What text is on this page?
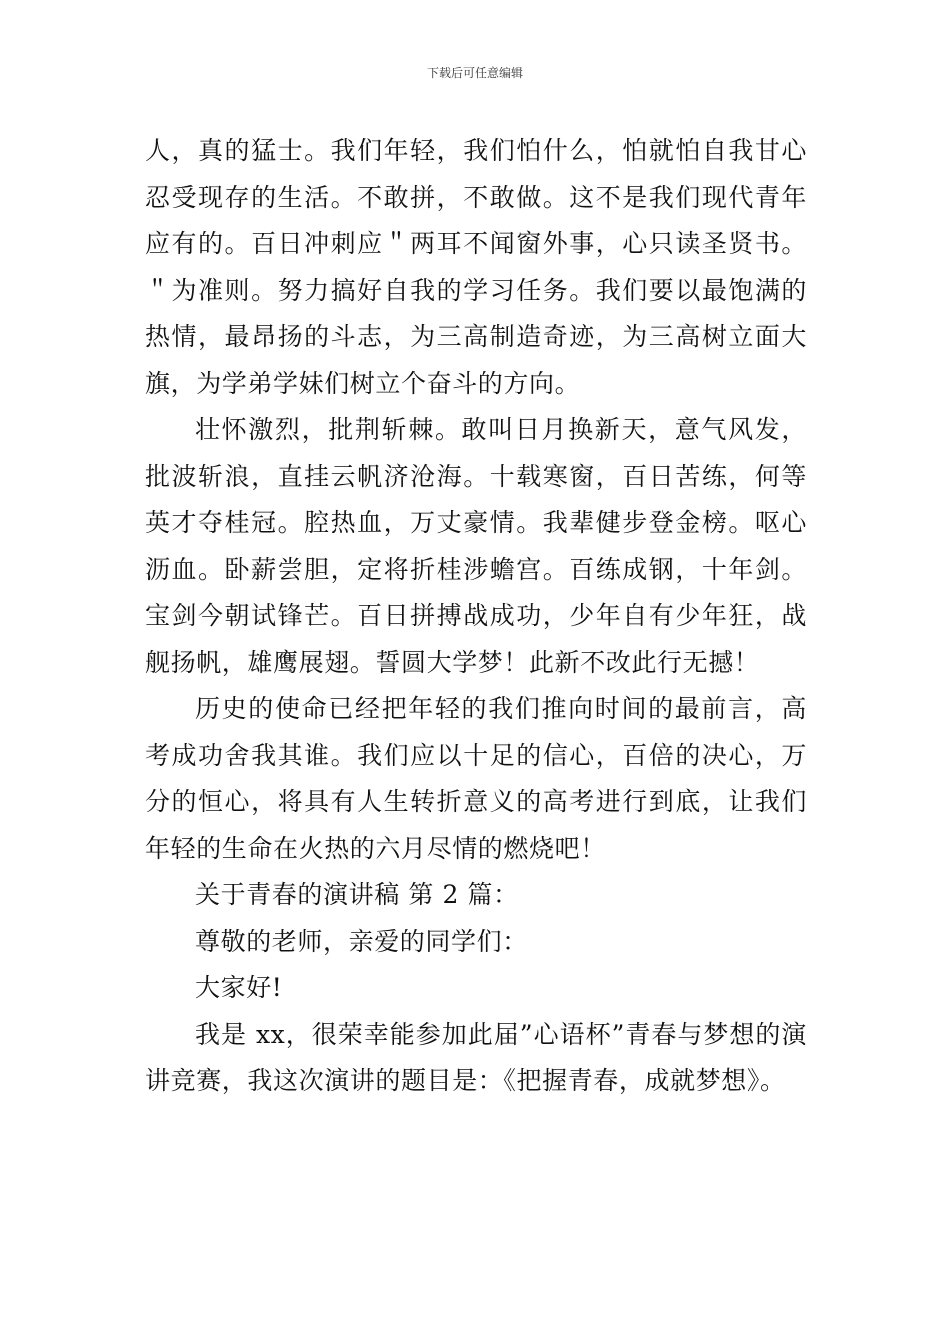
下载后可任意编辑

人，真的猛士。我们年轻，我们怕什么，怕就怕自我甘心忍受现存的生活。不敢拼，不敢做。这不是我们现代青年应有的。百日冲刺应＂两耳不闻窗外事，心只读圣贤书。＂为准则。努力搞好自我的学习任务。我们要以最饱满的热情，最昂扬的斗志，为三高制造奇迹，为三高树立面大旗，为学弟学妹们树立个奋斗的方向。

壮怀激烈，批荆斩棘。敢叫日月换新天，意气风发，批波斩浪，直挂云帆济沧海。十载寒窗，百日苦练，何等英才夺桂冠。腔热血，万丈豪情。我辈健步登金榜。呕心沥血。卧薪尝胆，定将折桂涉蟾宫。百练成钢，十年剑。宝剑今朝试锋芒。百日拼搏战成功，少年自有少年狂，战舰扬帆，雄鹰展翅。誓圆大学梦！此新不改此行无撼！

历史的使命已经把年轻的我们推向时间的最前言，高考成功舍我其谁。我们应以十足的信心，百倍的决心，万分的恒心，将具有人生转折意义的高考进行到底，让我们年轻的生命在火热的六月尽情的燃烧吧！

关于青春的演讲稿 第 2 篇：

尊敬的老师，亲爱的同学们：

大家好!

我是 xx，很荣幸能参加此届”心语杯”青春与梦想的演讲竞赛，我这次演讲的题目是：《把握青春，成就梦想》。
